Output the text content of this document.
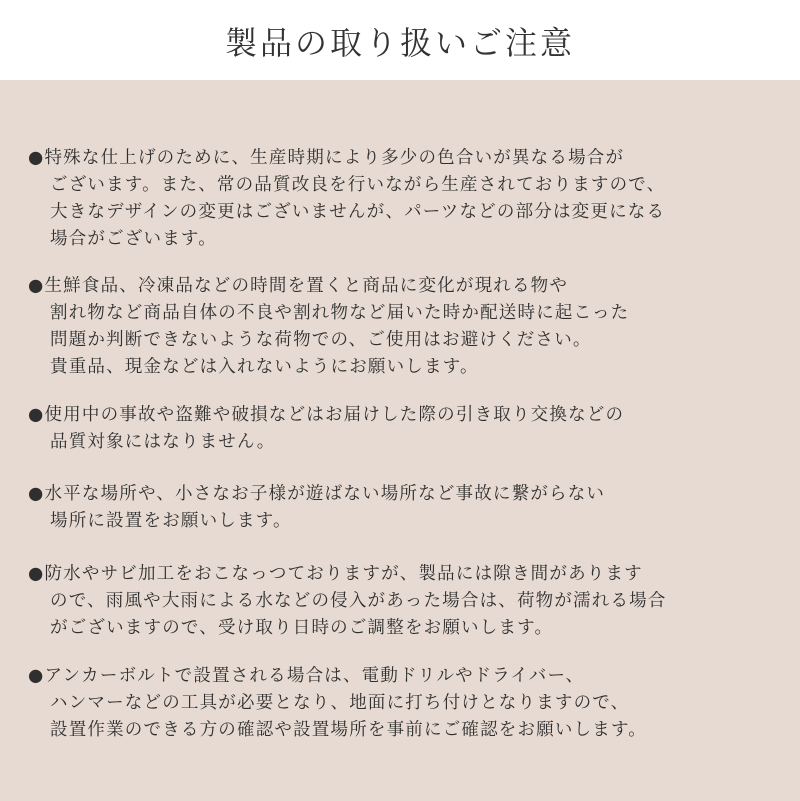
製品の取り扱いご注意
●特殊な仕上げのために、生産時期により多少の色合いが異なる場合が
ございます。また、常の品質改良を行いながら生産されておりますので、
大きなデザインの変更はございませんが、パーツなどの部分は変更になる
場合がございます。
●生鮮食品、冷凍品などの時間を置くと商品に変化が現れる物や
割れ物など商品自体の不良や割れ物など届いた時か配送時に起こった
問題か判断できないような荷物での、ご使用はお避けください。
貴重品、現金などは入れないようにお願いします。
●使用中の事故や盗難や破損などはお届けした際の引き取り交換などの
品質対象にはなりません。
●水平な場所や、小さなお子様が遊ばない場所など事故に繋がらない
場所に設置をお願いします。
●防水やサビ加工をおこなっつておりますが、製品には隙き間があります
ので、雨風や大雨による水などの侵入があった場合は、荷物が濡れる場合
がございますので、受け取り日時のご調整をお願いします。
●アンカーボルトで設置される場合は、電動ドリルやドライバー、
ハンマーなどの工具が必要となり、地面に打ち付けとなりますので、
設置作業のできる方の確認や設置場所を事前にご確認をお願いします。
